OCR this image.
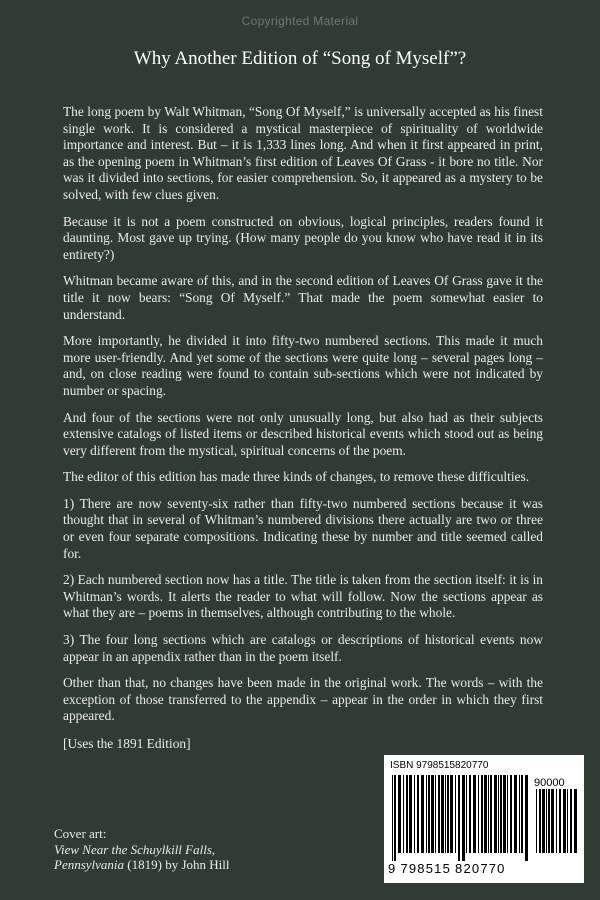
Copyrighted Material
Why Another Edition of “Song of Myself”?

The long poem by Walt Whitman, “Song Of Myself,” is universally accepted as his finest single work. It is considered a mystical masterpiece of spirituality of worldwide importance and interest. But – it is 1,333 lines long. And when it first appeared in print, as the opening poem in Whitman’s first edition of Leaves Of Grass - it bore no title. Nor was it divided into sections, for easier comprehension. So, it appeared as a mystery to be solved, with few clues given.

Because it is not a poem constructed on obvious, logical principles, readers found it daunting. Most gave up trying. (How many people do you know who have read it in its entirety?)

Whitman became aware of this, and in the second edition of Leaves Of Grass gave it the title it now bears: “Song Of Myself.” That made the poem somewhat easier to understand.

More importantly, he divided it into fifty-two numbered sections. This made it much more user-friendly. And yet some of the sections were quite long – several pages long – and, on close reading were found to contain sub-sections which were not indicated by number or spacing.

And four of the sections were not only unusually long, but also had as their subjects extensive catalogs of listed items or described historical events which stood out as being very different from the mystical, spiritual concerns of the poem.

The editor of this edition has made three kinds of changes, to remove these difficulties.

1) There are now seventy-six rather than fifty-two numbered sections because it was thought that in several of Whitman’s numbered divisions there actually are two or three or even four separate compositions. Indicating these by number and title seemed called for.

2) Each numbered section now has a title. The title is taken from the section itself: it is in Whitman’s words. It alerts the reader to what will follow. Now the sections appear as what they are – poems in themselves, although contributing to the whole.

3) The four long sections which are catalogs or descriptions of historical events now appear in an appendix rather than in the poem itself.

Other than that, no changes have been made in the original work. The words – with the exception of those transferred to the appendix – appear in the order in which they first appeared.

[Uses the 1891 Edition]
Cover art:
View Near the Schuylkill Falls,
Pennsylvania (1819) by John Hill
ISBN 9798515820770
90000
9 798515 820770
